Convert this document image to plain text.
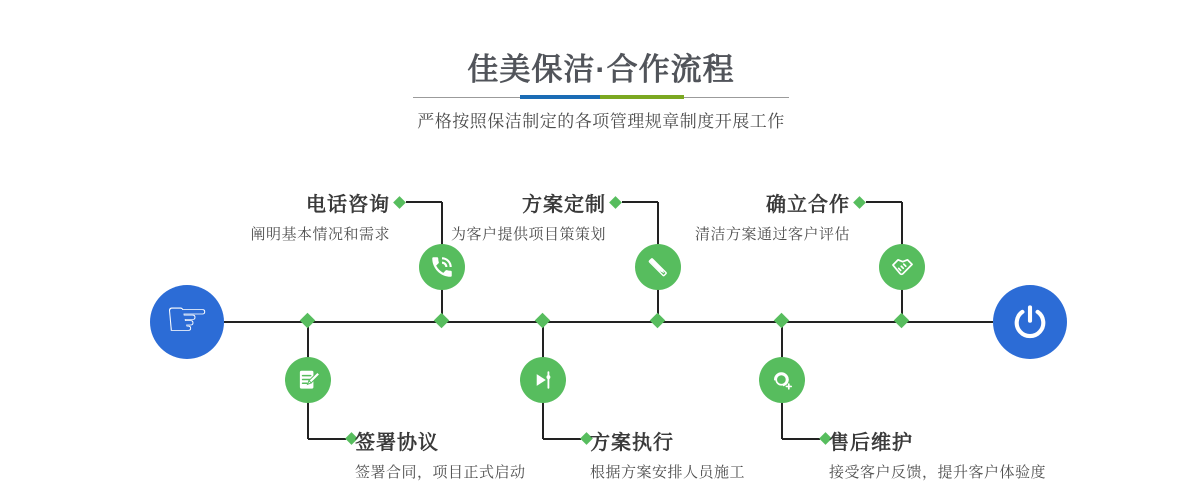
佳美保洁·合作流程

严格按照保洁制定的各项管理规章制度开展工作

☞
电话咨询
阐明基本情况和需求
方案定制
为客户提供项目策策划
确立合作
清洁方案通过客户评估
签署协议
签署合同，项目正式启动
方案执行
根据方案安排人员施工
售后维护
接受客户反馈，提升客户体验度
